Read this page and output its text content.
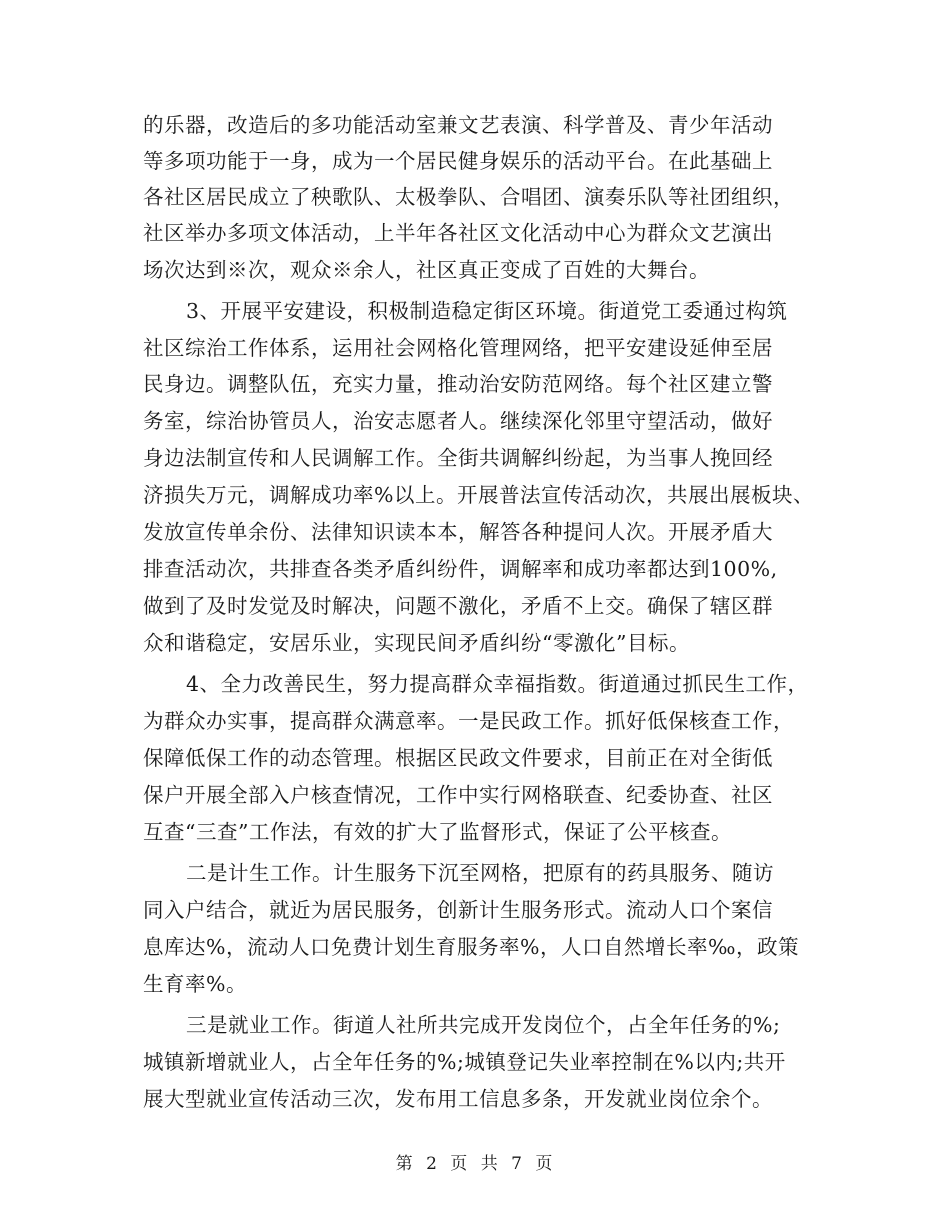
的乐器，改造后的多功能活动室兼文艺表演、科学普及、青少年活动
等多项功能于一身，成为一个居民健身娱乐的活动平台。在此基础上
各社区居民成立了秧歌队、太极拳队、合唱团、演奏乐队等社团组织，
社区举办多项文体活动，上半年各社区文化活动中心为群众文艺演出
场次达到※次，观众※余人，社区真正变成了百姓的大舞台。
3、开展平安建设，积极制造稳定街区环境。街道党工委通过构筑
社区综治工作体系，运用社会网格化管理网络，把平安建设延伸至居
民身边。调整队伍，充实力量，推动治安防范网络。每个社区建立警
务室，综治协管员人，治安志愿者人。继续深化邻里守望活动，做好
身边法制宣传和人民调解工作。全街共调解纠纷起，为当事人挽回经
济损失万元，调解成功率%以上。开展普法宣传活动次，共展出展板块、
发放宣传单余份、法律知识读本本，解答各种提问人次。开展矛盾大
排查活动次，共排查各类矛盾纠纷件，调解率和成功率都达到100%,
做到了及时发觉及时解决，问题不激化，矛盾不上交。确保了辖区群
众和谐稳定，安居乐业，实现民间矛盾纠纷“零激化”目标。
4、全力改善民生，努力提高群众幸福指数。街道通过抓民生工作，
为群众办实事，提高群众满意率。一是民政工作。抓好低保核查工作，
保障低保工作的动态管理。根据区民政文件要求，目前正在对全街低
保户开展全部入户核查情况，工作中实行网格联查、纪委协查、社区
互查“三查”工作法，有效的扩大了监督形式，保证了公平核查。
二是计生工作。计生服务下沉至网格，把原有的药具服务、随访
同入户结合，就近为居民服务，创新计生服务形式。流动人口个案信
息库达%，流动人口免费计划生育服务率%，人口自然增长率‰，政策
生育率%。
三是就业工作。街道人社所共完成开发岗位个，占全年任务的%;
城镇新增就业人，占全年任务的%;城镇登记失业率控制在%以内;共开
展大型就业宣传活动三次，发布用工信息多条，开发就业岗位余个。
第 2 页 共 7 页
